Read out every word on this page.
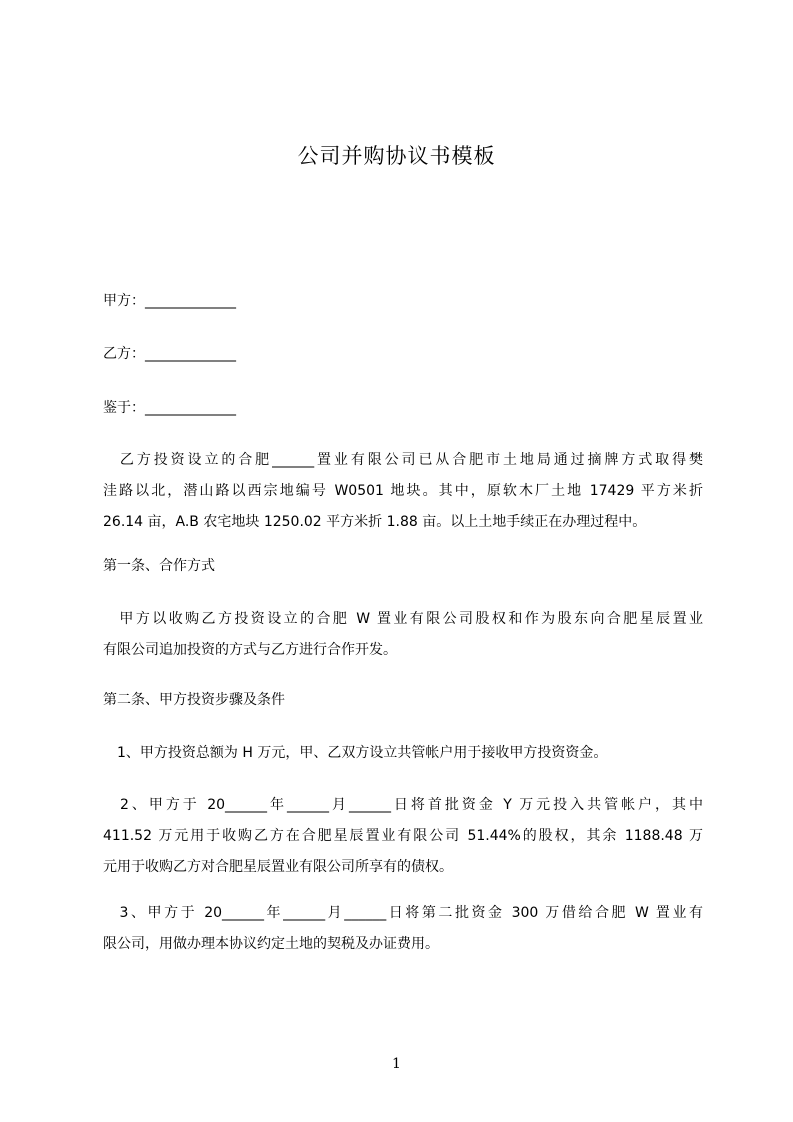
公司并购协议书模板
甲方：_____________
乙方：_____________
鉴于：_____________
　乙方投资设立的合肥______置业有限公司已从合肥市土地局通过摘牌方式取得樊
洼路以北，潜山路以西宗地编号 W0501 地块。其中，原软木厂土地 17429 平方米折
26.14 亩，A.B 农宅地块 1250.02 平方米折 1.88 亩。以上土地手续正在办理过程中。
第一条、合作方式
　甲方以收购乙方投资设立的合肥 W 置业有限公司股权和作为股东向合肥星辰置业
有限公司追加投资的方式与乙方进行合作开发。
第二条、甲方投资步骤及条件
　1、甲方投资总额为 H 万元，甲、乙双方设立共管帐户用于接收甲方投资资金。
　2、甲方于 20______年______月______日将首批资金 Y 万元投入共管帐户，其中
411.52 万元用于收购乙方在合肥星辰置业有限公司 51.44%的股权，其余 1188.48 万
元用于收购乙方对合肥星辰置业有限公司所享有的债权。
　3、甲方于 20______年______月______日将第二批资金 300 万借给合肥 W 置业有
限公司，用做办理本协议约定土地的契税及办证费用。
1
